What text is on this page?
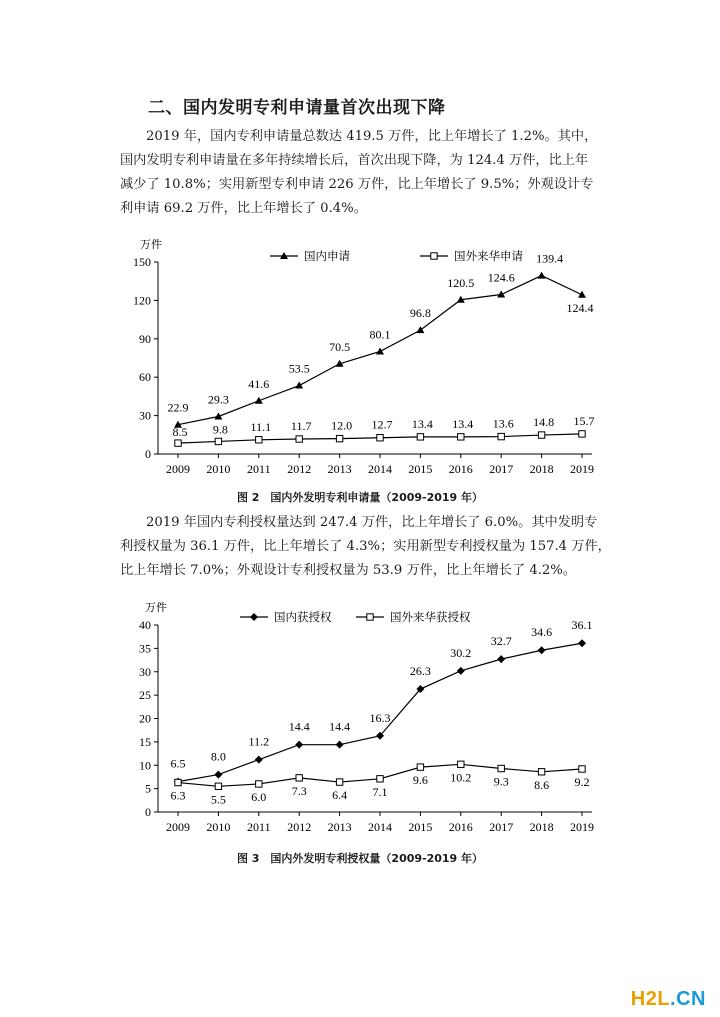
二、国内发明专利申请量首次出现下降
2019 年，国内专利申请量总数达 419.5 万件，比上年增长了 1.2%。其中，
国内发明专利申请量在多年持续增长后，首次出现下降，为 124.4 万件，比上年
减少了 10.8%；实用新型专利申请 226 万件，比上年增长了 9.5%；外观设计专
利申请 69.2 万件，比上年增长了 0.4%。
万件
0
30
60
90
120
150
2009 2010 2011 2012 2013 2014 2015 2016 2017 2018 2019
22.9
29.3
41.6
53.5
70.5
80.1
96.8
120.5 124.6
139.4
124.4
国内申请
8.5 9.8 11.1 11.7 12.0 12.7 13.4 13.4 13.6 14.8 15.7
国外来华申请
图 2　国内外发明专利申请量（2009-2019 年）
2019 年国内专利授权量达到 247.4 万件，比上年增长了 6.0%。其中发明专
利授权量为 36.1 万件，比上年增长了 4.3%；实用新型专利授权量为 157.4 万件，
比上年增长 7.0%；外观设计专利授权量为 53.9 万件，比上年增长了 4.2%。
万件
0
5
10
15
20
25
30
35
40
2009 2010 2011 2012 2013 2014 2015 2016 2017 2018 2019
6.5
8.0
11.2
14.4 14.4
16.3
26.3
30.2
32.7
34.6
36.1
国内获授权
6.3 5.5 6.0 7.3 6.4 7.1
9.6 10.2 9.3 8.6 9.2
国外来华获授权
图 3　国内外发明专利授权量（2009-2019 年）
H2L.CN
